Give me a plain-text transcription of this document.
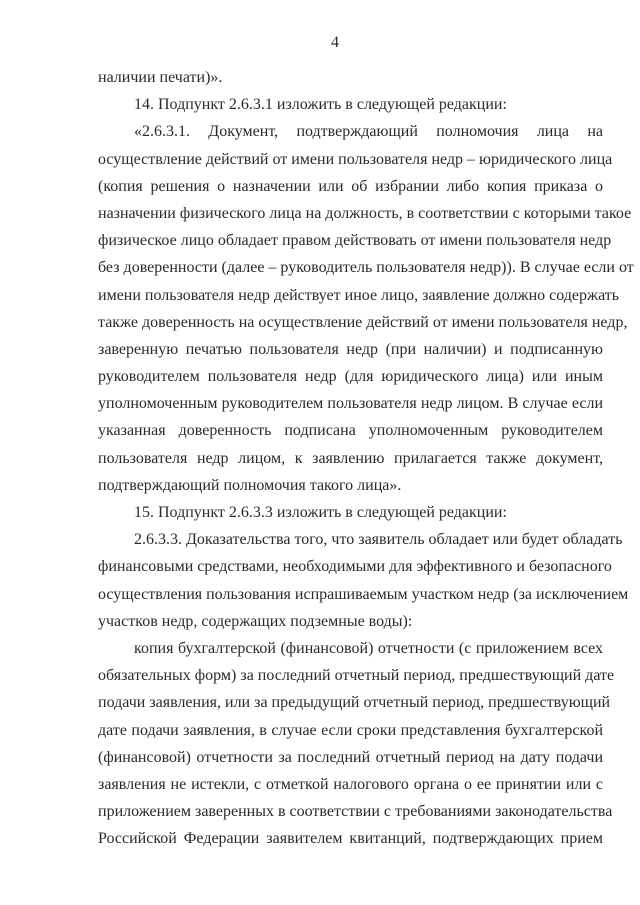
4
наличии печати)».
14. Подпункт 2.6.3.1 изложить в следующей редакции:
«2.6.3.1. Документ, подтверждающий полномочия лица на
осуществление действий от имени пользователя недр – юридического лица
(копия решения о назначении или об избрании либо копия приказа о
назначении физического лица на должность, в соответствии с которыми такое
физическое лицо обладает правом действовать от имени пользователя недр
без доверенности (далее – руководитель пользователя недр)). В случае если от
имени пользователя недр действует иное лицо, заявление должно содержать
также доверенность на осуществление действий от имени пользователя недр,
заверенную печатью пользователя недр (при наличии) и подписанную
руководителем пользователя недр (для юридического лица) или иным
уполномоченным руководителем пользователя недр лицом. В случае если
указанная доверенность подписана уполномоченным руководителем
пользователя недр лицом, к заявлению прилагается также документ,
подтверждающий полномочия такого лица».
15. Подпункт 2.6.3.3 изложить в следующей редакции:
2.6.3.3. Доказательства того, что заявитель обладает или будет обладать
финансовыми средствами, необходимыми для эффективного и безопасного
осуществления пользования испрашиваемым участком недр (за исключением
участков недр, содержащих подземные воды):
копия бухгалтерской (финансовой) отчетности (с приложением всех
обязательных форм) за последний отчетный период, предшествующий дате
подачи заявления, или за предыдущий отчетный период, предшествующий
дате подачи заявления, в случае если сроки представления бухгалтерской
(финансовой) отчетности за последний отчетный период на дату подачи
заявления не истекли, с отметкой налогового органа о ее принятии или с
приложением заверенных в соответствии с требованиями законодательства
Российской Федерации заявителем квитанций, подтверждающих прием
